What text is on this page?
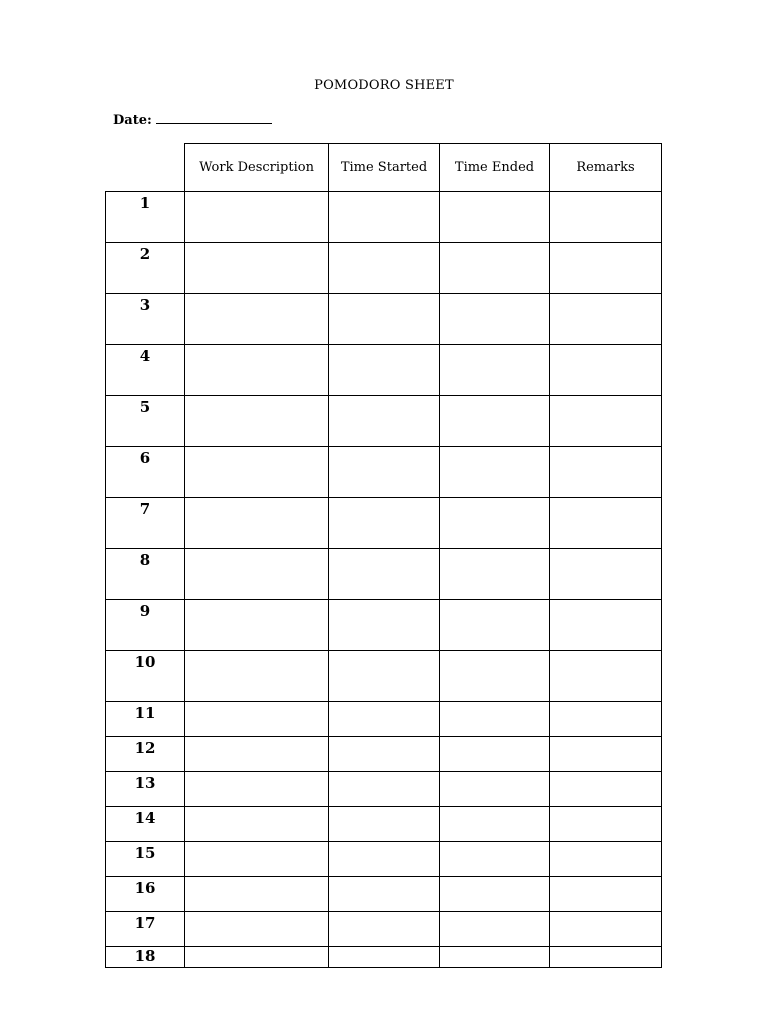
POMODORO SHEET
Date:
	Work Description	Time Started	Time Ended	Remarks
1				
2				
3				
4				
5				
6				
7				
8				
9				
10				
11				
12				
13				
14				
15				
16				
17				
18				
